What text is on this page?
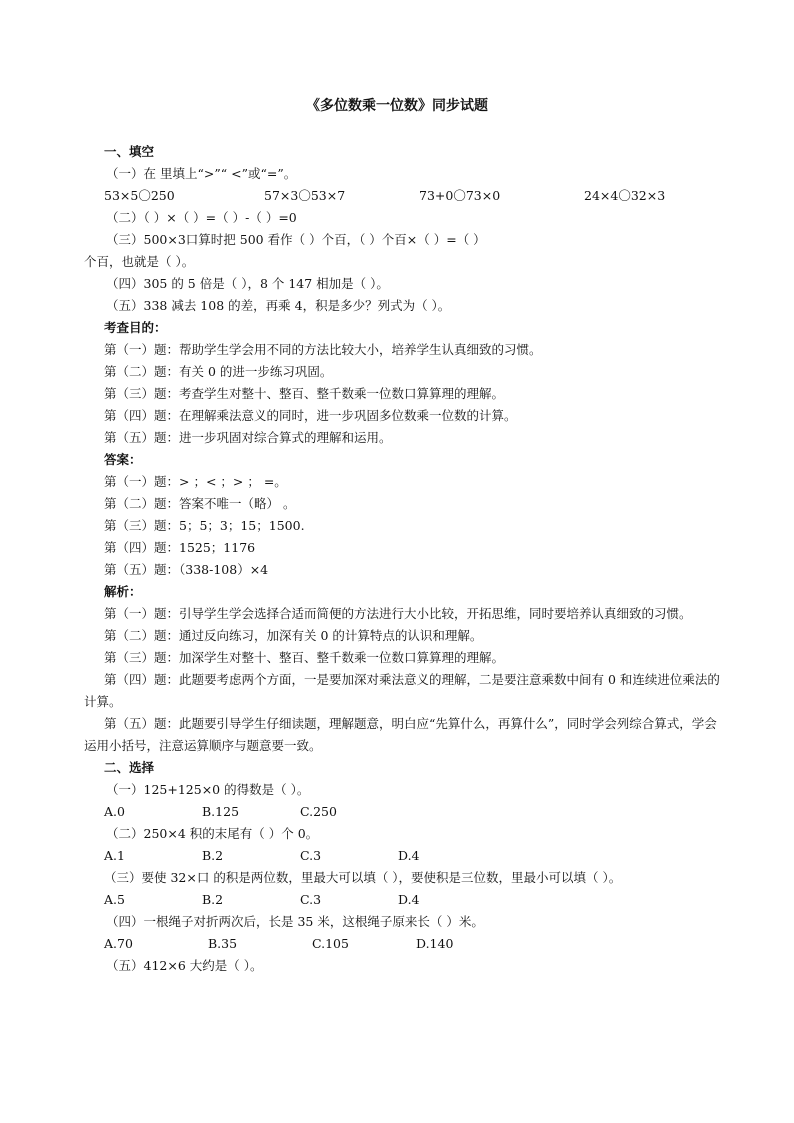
《多位数乘一位数》同步试题
一、填空
（一）在 里填上“>”“ <”或“=”。
53×5〇250	57×3〇53×7	73+0〇73×0	24×4〇32×3
（二）（ ）×（ ）=（ ）-（ ）=0
（三）500×3口算时把 500 看作（ ）个百，（ ）个百×（ ）=（ ）
个百，也就是（ ）。
（四）305 的 5 倍是（ ），8 个 147 相加是（ ）。
（五）338 减去 108 的差，再乘 4，积是多少？列式为（ ）。
考查目的：
第（一）题：帮助学生学会用不同的方法比较大小，培养学生认真细致的习惯。
第（二）题：有关 0 的进一步练习巩固。
第（三）题：考查学生对整十、整百、整千数乘一位数口算算理的理解。
第（四）题：在理解乘法意义的同时，进一步巩固多位数乘一位数的计算。
第（五）题：进一步巩固对综合算式的理解和运用。
答案：
第（一）题：> ；< ；> ； =。
第（二）题：答案不唯一（略） 。
第（三）题：5；5；3；15；1500.
第（四）题：1525；1176
第（五）题：（338-108）×4
解析：
第（一）题：引导学生学会选择合适而简便的方法进行大小比较，开拓思维，同时要培养认真细致的习惯。
第（二）题：通过反向练习，加深有关 0 的计算特点的认识和理解。
第（三）题：加深学生对整十、整百、整千数乘一位数口算算理的理解。
第（四）题：此题要考虑两个方面，一是要加深对乘法意义的理解，二是要注意乘数中间有 0 和连续进位乘法的计算。
第（五）题：此题要引导学生仔细读题，理解题意，明白应“先算什么，再算什么”，同时学会列综合算式，学会运用小括号，注意运算顺序与题意要一致。
二、选择
（一）125+125×0 的得数是（ ）。
A.0	B.125	C.250
（二）250×4 积的末尾有（ ）个 0。
A.1	B.2	C.3	D.4
（三）要使 32×口 的积是两位数，里最大可以填（ ），要使积是三位数，里最小可以填（ ）。
A.5	B.2	C.3	D.4
（四）一根绳子对折两次后，长是 35 米，这根绳子原来长（ ）米。
A.70	B.35	C.105	D.140
（五）412×6 大约是（ ）。
